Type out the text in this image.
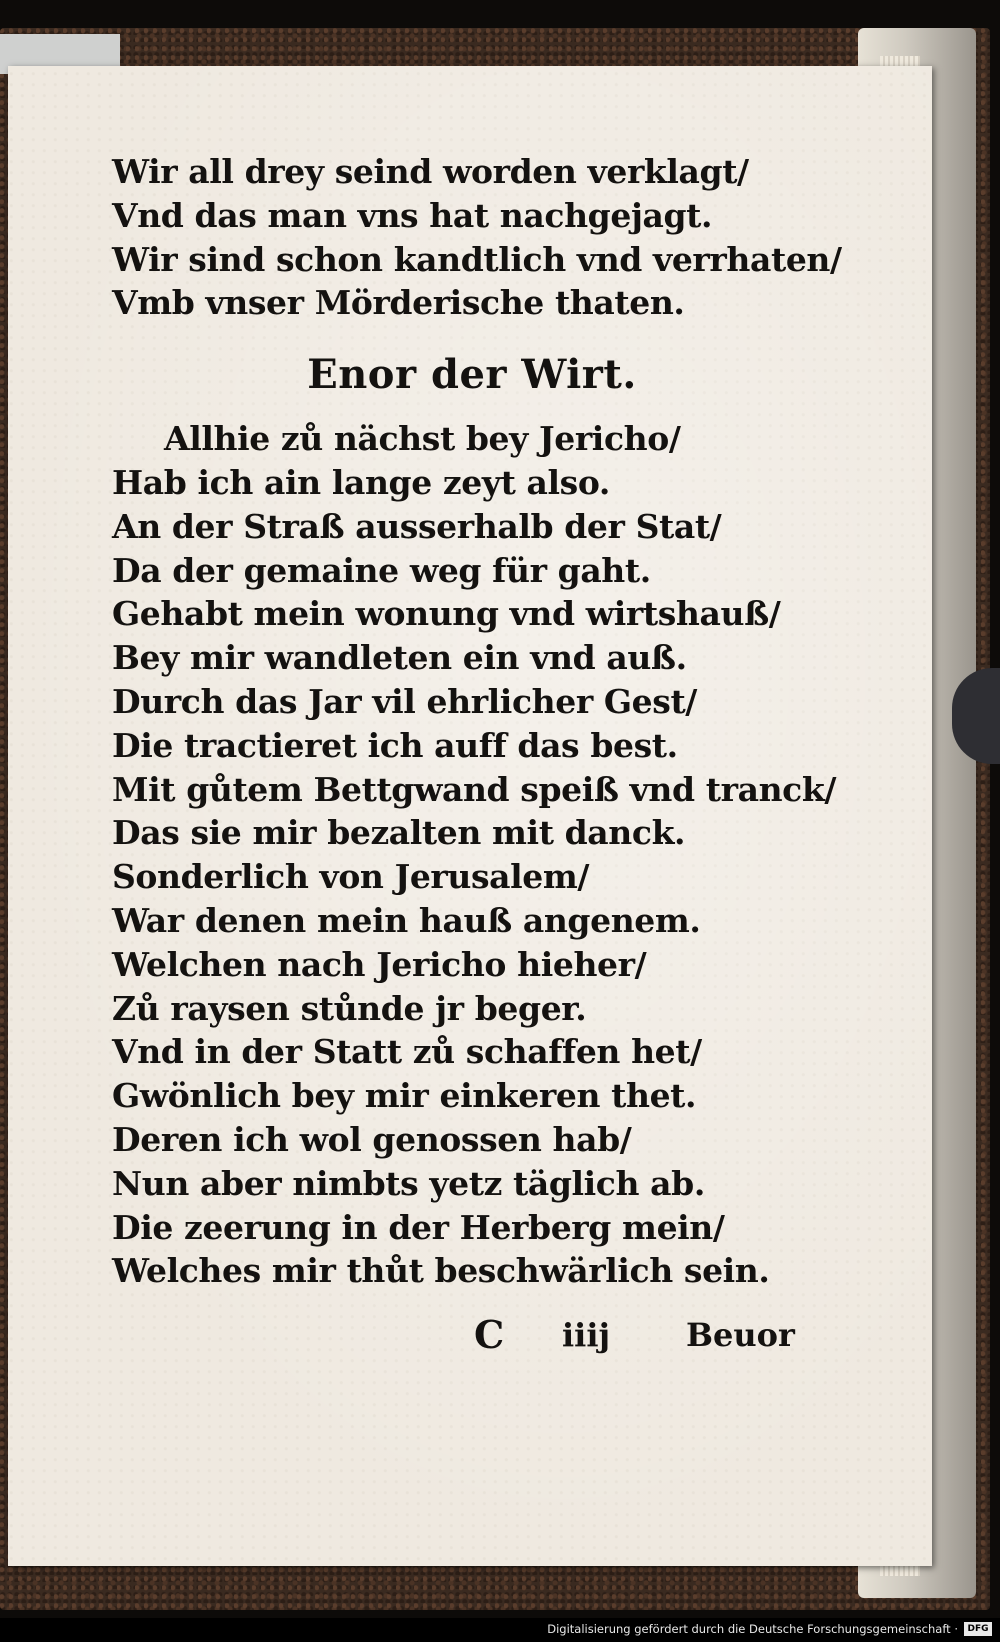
Wir all drey seind worden verklagt/
Vnd das man vns hat nachgejagt.
Wir sind schon kandtlich vnd verrhaten/
Vmb vnser Mörderische thaten.
Enor der Wirt.
Allhie zů nächst bey Jericho/
Hab ich ain lange zeyt also.
An der Straß ausserhalb der Stat/
Da der gemaine weg für gaht.
Gehabt mein wonung vnd wirtshauß/
Bey mir wandleten ein vnd auß.
Durch das Jar vil ehrlicher Gest/
Die tractieret ich auff das best.
Mit gůtem Bettgwand speiß vnd tranck/
Das sie mir bezalten mit danck.
Sonderlich von Jerusalem/
War denen mein hauß angenem.
Welchen nach Jericho hieher/
Zů raysen stůnde jr beger.
Vnd in der Statt zů schaffen het/
Gwönlich bey mir einkeren thet.
Deren ich wol genossen hab/
Nun aber nimbts yetz täglich ab.
Die zeerung in der Herberg mein/
Welches mir thůt beschwärlich sein.
C iiij Beuor
Digitalisierung gefördert durch die Deutsche Forschungsgemeinschaft ·	DFG
